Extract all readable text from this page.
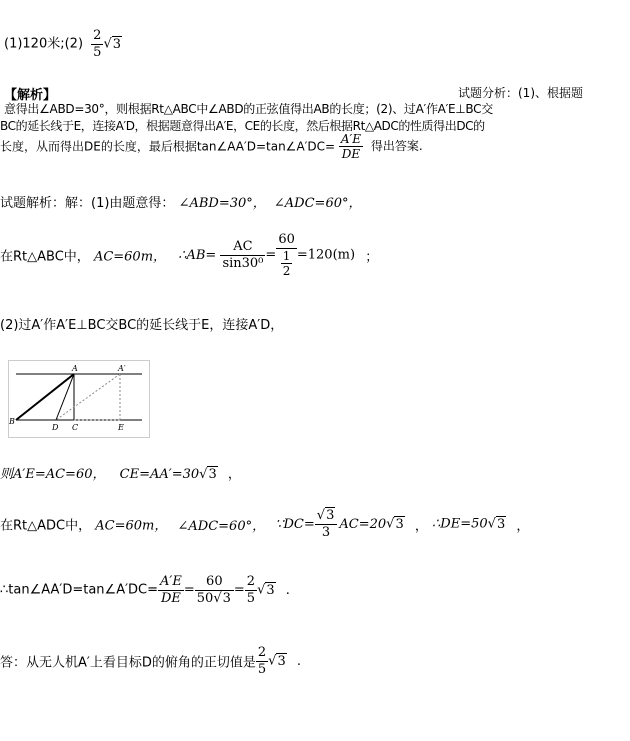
(1)120米;(2) $\frac{2}{5} √3$
【解析】	试题分析：(1)、根据题
意得出∠ABD=30°，则根据Rt△ABC中∠ABD的正弦值得出AB的长度；(2)、过A′作A′E⊥BC交
BC的延长线于E，连接A′D，根据题意得出A′E，CE的长度，然后根据Rt△ADC的性质得出DC的
长度，从而得出DE的长度，最后根据tan∠AA′D=tan∠A′DC= $\frac{A'E}{DE}$ 得出答案.
试题解析：解：(1)由题意得： ∠ABD=30°， ∠ADC=60°，
在Rt△ABC中， AC=60m， ∴AB= $\frac{AC}{\text{sin30⁰}} = \frac{60}{\frac{1}{2}} =120(m)$ ；
(2)过A′作A′E⊥BC交BC的延长线于E，连接A′D，
A	A′
B
D C	E
则A′E=AC=60， CE=AA′=30√3 ，
在Rt△ADC中， AC=60m， ∠ADC=60°， ∵DC= $\frac{√3}{3} AC=20√3$ ， ∴DE=50√3 ，
∴tan∠AA′D=tan∠A′DC= $\frac{A'E}{DE} = \frac{60}{50√3} = \frac{2}{5} √3$ .
答：从无人机A′上看目标D的俯角的正切值是 $\frac{2}{5} √3$ .
